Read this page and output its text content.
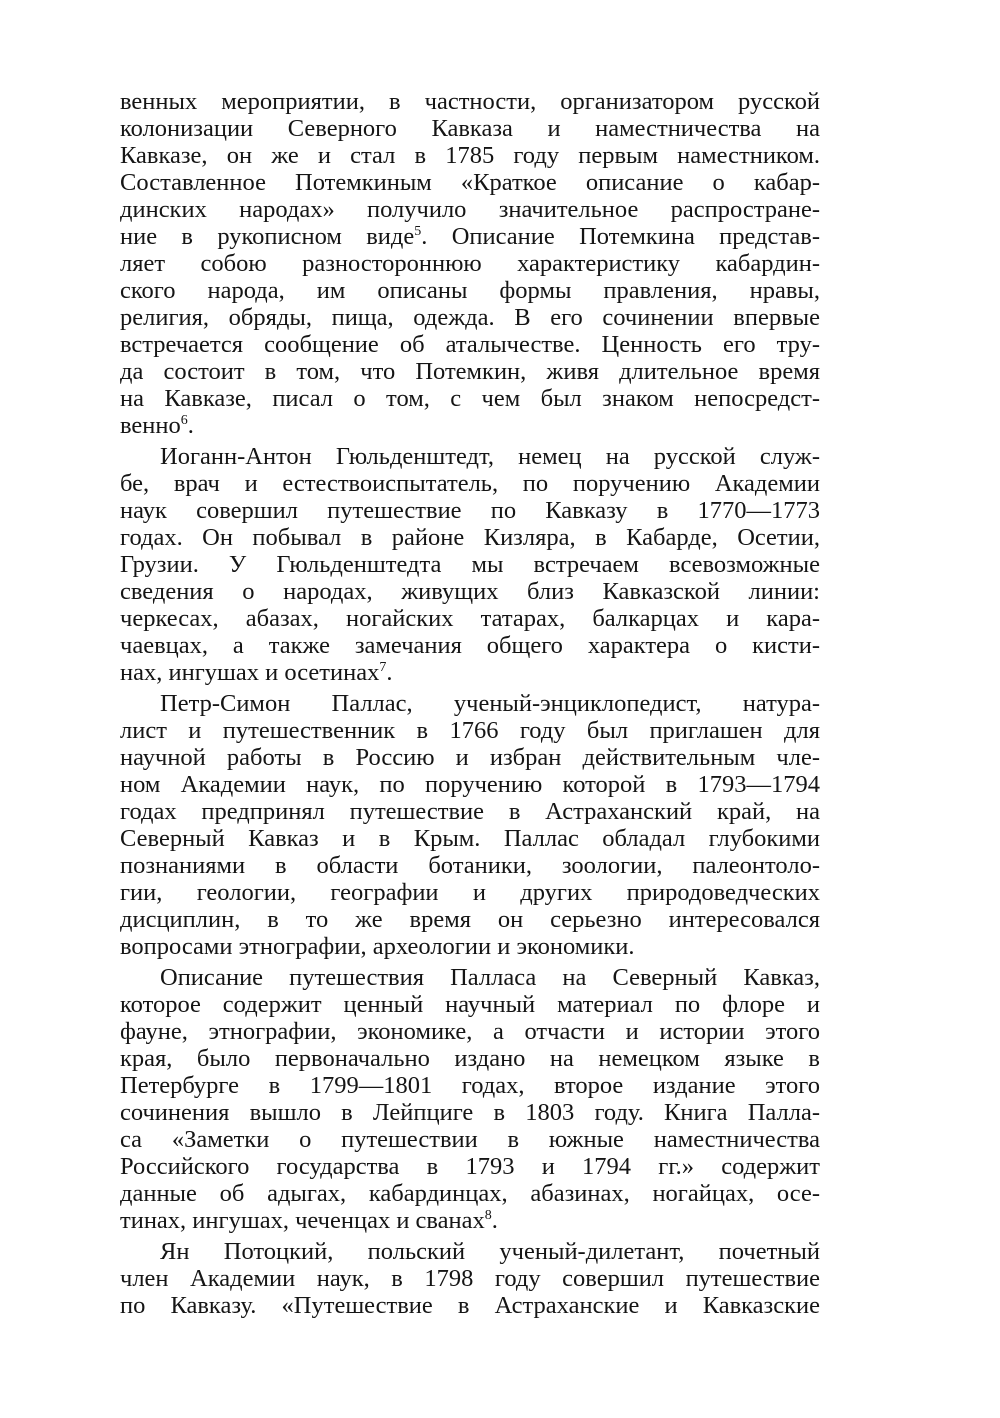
венных мероприятии, в частности, организатором русской
колонизации Северного Кавказа и наместничества на
Кавказе, он же и стал в 1785 году первым наместником.
Составленное Потемкиным «Краткое описание о кабар-
динских народах» получило значительное распростране-
ние в рукописном виде$^5$. Описание Потемкина представ-
ляет собою разностороннюю характеристику кабардин-
ского народа, им описаны формы правления, нравы,
религия, обряды, пища, одежда. В его сочинении впервые
встречается сообщение об аталычестве. Ценность его тру-
да состоит в том, что Потемкин, живя длительное время
на Кавказе, писал о том, с чем был знаком непосредст-
венно$^6$.
Иоганн-Антон Гюльденштедт, немец на русской служ-
бе, врач и естествоиспытатель, по поручению Академии
наук совершил путешествие по Кавказу в 1770—1773
годах. Он побывал в районе Кизляра, в Кабарде, Осетии,
Грузии. У Гюльденштедта мы встречаем всевозможные
сведения о народах, живущих близ Кавказской линии:
черкесах, абазах, ногайских татарах, балкарцах и кара-
чаевцах, а также замечания общего характера о кисти-
нах, ингушах и осетинах$^7$.
Петр-Симон Паллас, ученый-энциклопедист, натура-
лист и путешественник в 1766 году был приглашен для
научной работы в Россию и избран действительным чле-
ном Академии наук, по поручению которой в 1793—1794
годах предпринял путешествие в Астраханский край, на
Северный Кавказ и в Крым. Паллас обладал глубокими
познаниями в области ботаники, зоологии, палеонтоло-
гии, геологии, географии и других природоведческих
дисциплин, в то же время он серьезно интересовался
вопросами этнографии, археологии и экономики.
Описание путешествия Палласа на Северный Кавказ,
которое содержит ценный научный материал по флоре и
фауне, этнографии, экономике, а отчасти и истории этого
края, было первоначально издано на немецком языке в
Петербурге в 1799—1801 годах, второе издание этого
сочинения вышло в Лейпциге в 1803 году. Книга Палла-
са «Заметки о путешествии в южные наместничества
Российского государства в 1793 и 1794 гг.» содержит
данные об адыгах, кабардинцах, абазинах, ногайцах, осе-
тинах, ингушах, чеченцах и сванах$^8$.
Ян Потоцкий, польский ученый-дилетант, почетный
член Академии наук, в 1798 году совершил путешествие
по Кавказу. «Путешествие в Астраханские и Кавказские
